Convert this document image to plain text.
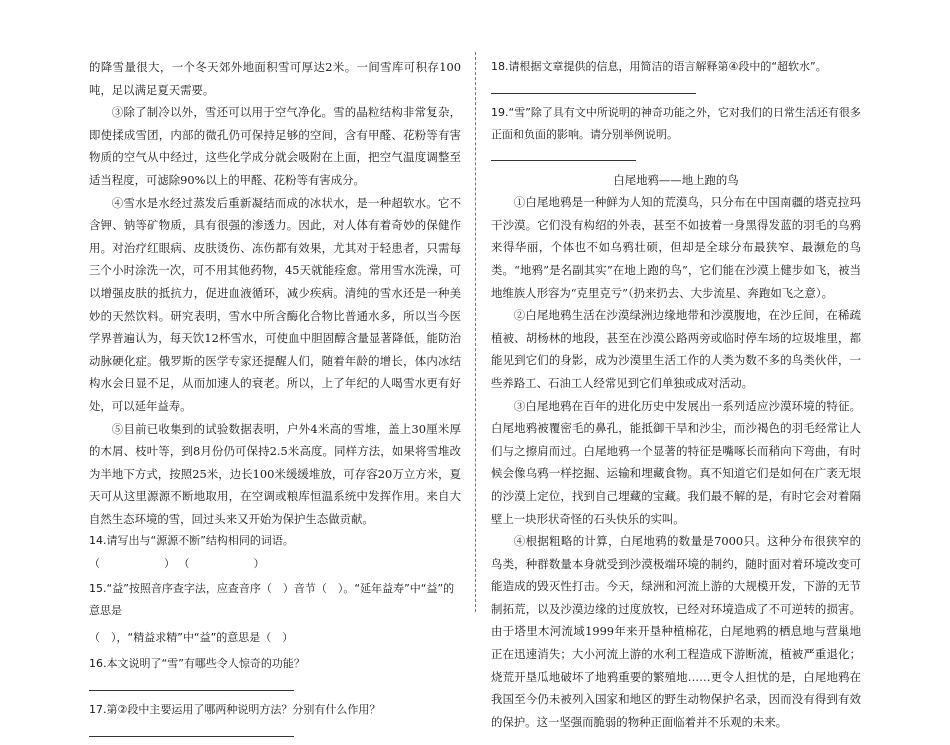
的降雪量很大，一个冬天郊外地面积雪可厚达2米。一间雪库可积存100吨，足以满足夏天需要。

③除了制冷以外，雪还可以用于空气净化。雪的晶粒结构非常复杂，即使揉成雪团，内部的微孔仍可保持足够的空间，含有甲醛、花粉等有害物质的空气从中经过，这些化学成分就会吸附在上面，把空气温度调整至适当程度，可滤除90%以上的甲醛、花粉等有害成分。

④雪水是水经过蒸发后重新凝结而成的冰状水，是一种超软水。它不含钾、钠等矿物质，具有很强的渗透力。因此，对人体有着奇妙的保健作用。对治疗红眼病、皮肤烫伤、冻伤都有效果，尤其对于轻患者，只需每三个小时涂洗一次，可不用其他药物，45天就能痊愈。常用雪水洗澡，可以增强皮肤的抵抗力，促进血液循环，减少疾病。清纯的雪水还是一种美妙的天然饮料。研究表明，雪水中所含酶化合物比普通水多，所以当今医学界普遍认为，每天饮12杯雪水，可使血中胆固醇含量显著降低，能防治动脉硬化症。俄罗斯的医学专家还提醒人们，随着年龄的增长，体内冰结构水会日显不足，从而加速人的衰老。所以，上了年纪的人喝雪水更有好处，可以延年益寿。

⑤目前已收集到的试验数据表明，户外4米高的雪堆，盖上30厘米厚的木屑、枝叶等，到8月份仍可保持2.5米高度。同样方法，如果将雪堆改为半地下方式，按照25米，边长100米缓缓堆放，可存容20万立方米，夏天可从这里源源不断地取用，在空调或粮库恒温系统中发挥作用。来自大自然生态环境的雪，回过头来又开始为保护生态做贡献。

14.请写出与“源源不断”结构相同的词语。

（	） （	）

15.“益”按照音序查字法，应查音序（　）音节（　）。“延年益寿”中“益”的意思是

（　），“精益求精”中“益”的意思是（　）

16.本文说明了“雪”有哪些令人惊奇的功能？

17.第②段中主要运用了哪两种说明方法？分别有什么作用？

18.请根据文章提供的信息，用简洁的语言解释第④段中的“超软水”。

19.“雪”除了具有文中所说明的神奇功能之外，它对我们的日常生活还有很多正面和负面的影响。请分别举例说明。

白尾地鸦——地上跑的鸟

①白尾地鸦是一种鲜为人知的荒漠鸟，只分布在中国南疆的塔克拉玛干沙漠。它们没有构绍的外表，甚至不如披着一身黑得发蓝的羽毛的乌鸦来得华丽，个体也不如乌鸦壮硕，但却是全球分布最狭窄、最濒危的鸟类。“地鸦”是名副其实”在地上跑的鸟”，它们能在沙漠上健步如飞，被当地维族人形容为“克里克亏”（扔来扔去、大步流星、奔跑如飞之意）。

②白尾地鸦生活在沙漠绿洲边缘地带和沙漠腹地，在沙丘间，在稀疏植被、胡杨林的地段，甚至在沙漠公路两旁或临时停车场的垃圾堆里，都能见到它们的身影，成为沙漠里生活工作的人类为数不多的鸟类伙伴，一些养路工、石油工人经常见到它们单独或成对活动。

③白尾地鸦在百年的进化历史中发展出一系列适应沙漠环境的特征。白尾地鸦被覆密毛的鼻孔，能抵御干旱和沙尘，而沙褐色的羽毛经常让人们与之擦肩而过。白尾地鸦一个显著的特征是嘴啄长而稍向下弯曲，有时候会像乌鸦一样挖掘、运输和埋藏食物。真不知道它们是如何在广袤无垠的沙漠上定位，找到自己埋藏的宝藏。我们最不解的是，有时它会对着隔壁上一块形状奇怪的石头快乐的实叫。

④根据粗略的计算，白尾地鸦的数量是7000只。这种分布很狭窄的鸟类，种群数量本身就受到沙漠极端环境的制约，随时面对着环境改变可能造成的毁灭性打击。今天，绿洲和河流上游的大规模开发，下游的无节制拓荒，以及沙漠边缘的过度放牧，已经对环境造成了不可逆转的损害。由于塔里木河流域1999年来开垦种植棉花，白尾地鸦的栖息地与营巢地正在迅速消失；大小河流上游的水利工程造成下游断流，植被严重退化；烧荒开垦瓜地破坏了地鸦重要的繁殖地……更令人担忧的是，白尾地鸦在我国至今仍未被列入国家和地区的野生动物保护名录，因而没有得到有效的保护。这一坚强而脆弱的物种正面临着并不乐观的未来。
